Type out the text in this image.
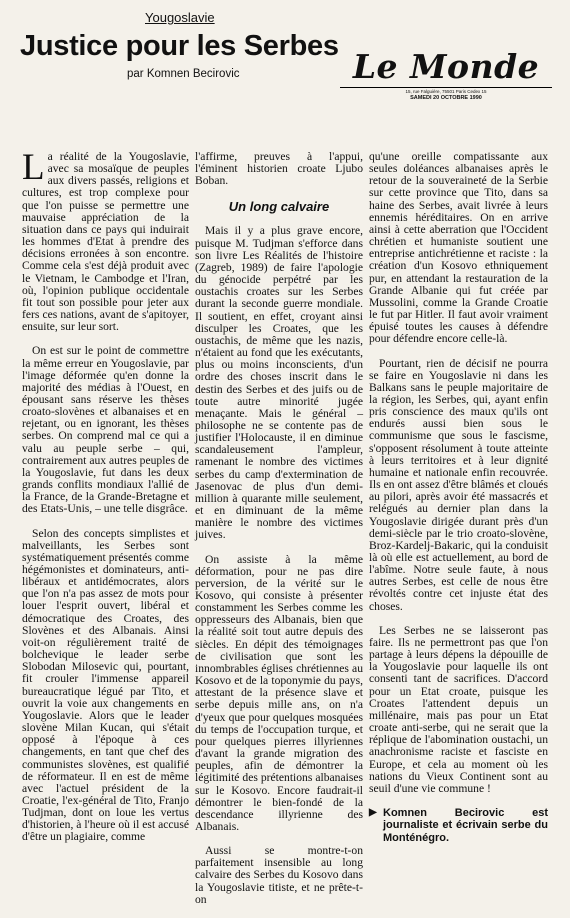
Yougoslavie
Justice pour les Serbes
par Komnen Becirovic	Le Monde
15, rue Falguière, 75501 Paris Cedex 15
SAMEDI 20 OCTOBRE 1990

La réalité de la Yougoslavie, avec sa mosaïque de peuples aux divers passés, religions et cultures, est trop complexe pour que l'on puisse se permettre une mauvaise appréciation de la situation dans ce pays qui induirait les hommes d'Etat à prendre des décisions erronées à son encontre. Comme cela s'est déjà produit avec le Vietnam, le Cambodge et l'Iran, où, l'opinion publique occidentale fit tout son possible pour jeter aux fers ces nations, avant de s'apitoyer, ensuite, sur leur sort.

On est sur le point de commettre la même erreur en Yougoslavie, par l'image déformée qu'en donne la majorité des médias à l'Ouest, en épousant sans réserve les thèses croato-slovènes et albanaises et en rejetant, ou en ignorant, les thèses serbes. On comprend mal ce qui a valu au peuple serbe – qui, contrairement aux autres peuples de la Yougoslavie, fut dans les deux grands conflits mondiaux l'allié de la France, de la Grande-Bretagne et des Etats-Unis, – une telle disgrâce.

Selon des concepts simplistes et malveillants, les Serbes sont systématiquement présentés comme hégémonistes et dominateurs, anti-libéraux et antidémocrates, alors que l'on n'a pas assez de mots pour louer l'esprit ouvert, libéral et démocratique des Croates, des Slovènes et des Albanais. Ainsi voit-on régulièrement traité de bolchevique le leader serbe Slobodan Milosevic qui, pourtant, fit crouler l'immense appareil bureaucratique légué par Tito, et ouvrit la voie aux changements en Yougoslavie. Alors que le leader slovène Milan Kucan, qui s'était opposé à l'époque à ces changements, en tant que chef des communistes slovènes, est qualifié de réformateur. Il en est de même avec l'actuel président de la Croatie, l'ex-général de Tito, Franjo Tudjman, dont on loue les vertus d'historien, à l'heure où il est accusé d'être un plagiaire, comme

l'affirme, preuves à l'appui, l'éminent historien croate Ljubo Boban.

Un long calvaire

Mais il y a plus grave encore, puisque M. Tudjman s'efforce dans son livre Les Réalités de l'histoire (Zagreb, 1989) de faire l'apologie du génocide perpétré par les oustachis croates sur les Serbes durant la seconde guerre mondiale. Il soutient, en effet, croyant ainsi disculper les Croates, que les oustachis, de même que les nazis, n'étaient au fond que les exécutants, plus ou moins inconscients, d'un ordre des choses inscrit dans le destin des Serbes et des juifs ou de toute autre minorité jugée menaçante. Mais le général – philosophe ne se contente pas de justifier l'Holocauste, il en diminue scandaleusement l'ampleur, ramenant le nombre des victimes serbes du camp d'extermination de Jasenovac de plus d'un demi-million à quarante mille seulement, et en diminuant de la même manière le nombre des victimes juives.

On assiste à la même déformation, pour ne pas dire perversion, de la vérité sur le Kosovo, qui consiste à présenter constamment les Serbes comme les oppresseurs des Albanais, bien que la réalité soit tout autre depuis des siècles. En dépit des témoignages de civilisation que sont les innombrables églises chrétiennes au Kosovo et de la toponymie du pays, attestant de la présence slave et serbe depuis mille ans, on n'a d'yeux que pour quelques mosquées du temps de l'occupation turque, et pour quelques pierres illyriennes d'avant la grande migration des peuples, afin de démontrer la légitimité des prétentions albanaises sur le Kosovo. Encore faudrait-il démontrer le bien-fondé de la descendance illyrienne des Albanais.

Aussi se montre-t-on parfaitement insensible au long calvaire des Serbes du Kosovo dans la Yougoslavie titiste, et ne prête-t-on

qu'une oreille compatissante aux seules doléances albanaises après le retour de la souveraineté de la Serbie sur cette province que Tito, dans sa haine des Serbes, avait livrée à leurs ennemis héréditaires. On en arrive ainsi à cette aberration que l'Occident chrétien et humaniste soutient une entreprise antichrétienne et raciste : la création d'un Kosovo ethniquement pur, en attendant la restauration de la Grande Albanie qui fut créée par Mussolini, comme la Grande Croatie le fut par Hitler. Il faut avoir vraiment épuisé toutes les causes à défendre pour défendre encore celle-là.

Pourtant, rien de décisif ne pourra se faire en Yougoslavie ni dans les Balkans sans le peuple majoritaire de la région, les Serbes, qui, ayant enfin pris conscience des maux qu'ils ont endurés aussi bien sous le communisme que sous le fascisme, s'opposent résolument à toute atteinte à leurs territoires et à leur dignité humaine et nationale enfin recouvrée. Ils en ont assez d'être blâmés et cloués au pilori, après avoir été massacrés et relégués au dernier plan dans la Yougoslavie dirigée durant près d'un demi-siècle par le trio croato-slovène, Broz-Kardelj-Bakaric, qui la conduisit là où elle est actuellement, au bord de l'abîme. Notre seule faute, à nous autres Serbes, est celle de nous être révoltés contre cet injuste état des choses.

Les Serbes ne se laisseront pas faire. Ils ne permettront pas que l'on partage à leurs dépens la dépouille de la Yougoslavie pour laquelle ils ont consenti tant de sacrifices. D'accord pour un Etat croate, puisque les Croates l'attendent depuis un millénaire, mais pas pour un Etat croate anti-serbe, qui ne serait que la réplique de l'abomination oustachi, un anachronisme raciste et fasciste en Europe, et cela au moment où les nations du Vieux Continent sont au seuil d'une vie commune !

▶ Komnen Becirovic est journaliste et écrivain serbe du Monténégro.
